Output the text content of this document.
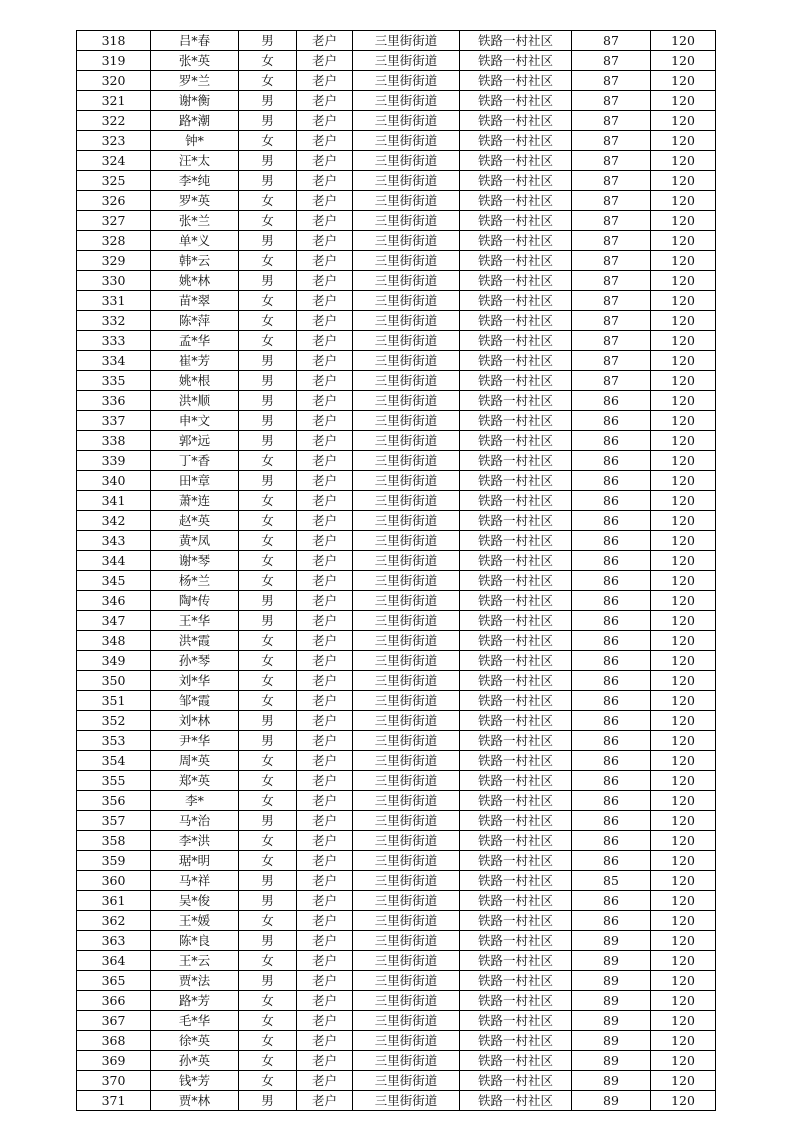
318	吕*春	男	老户	三里街街道	铁路一村社区	87	120
319	张*英	女	老户	三里街街道	铁路一村社区	87	120
320	罗*兰	女	老户	三里街街道	铁路一村社区	87	120
321	谢*衡	男	老户	三里街街道	铁路一村社区	87	120
322	路*潮	男	老户	三里街街道	铁路一村社区	87	120
323	钟*	女	老户	三里街街道	铁路一村社区	87	120
324	汪*太	男	老户	三里街街道	铁路一村社区	87	120
325	李*纯	男	老户	三里街街道	铁路一村社区	87	120
326	罗*英	女	老户	三里街街道	铁路一村社区	87	120
327	张*兰	女	老户	三里街街道	铁路一村社区	87	120
328	单*义	男	老户	三里街街道	铁路一村社区	87	120
329	韩*云	女	老户	三里街街道	铁路一村社区	87	120
330	姚*林	男	老户	三里街街道	铁路一村社区	87	120
331	苗*翠	女	老户	三里街街道	铁路一村社区	87	120
332	陈*萍	女	老户	三里街街道	铁路一村社区	87	120
333	孟*华	女	老户	三里街街道	铁路一村社区	87	120
334	崔*芳	男	老户	三里街街道	铁路一村社区	87	120
335	姚*根	男	老户	三里街街道	铁路一村社区	87	120
336	洪*顺	男	老户	三里街街道	铁路一村社区	86	120
337	申*文	男	老户	三里街街道	铁路一村社区	86	120
338	郭*远	男	老户	三里街街道	铁路一村社区	86	120
339	丁*香	女	老户	三里街街道	铁路一村社区	86	120
340	田*章	男	老户	三里街街道	铁路一村社区	86	120
341	萧*连	女	老户	三里街街道	铁路一村社区	86	120
342	赵*英	女	老户	三里街街道	铁路一村社区	86	120
343	黄*凤	女	老户	三里街街道	铁路一村社区	86	120
344	谢*琴	女	老户	三里街街道	铁路一村社区	86	120
345	杨*兰	女	老户	三里街街道	铁路一村社区	86	120
346	陶*传	男	老户	三里街街道	铁路一村社区	86	120
347	王*华	男	老户	三里街街道	铁路一村社区	86	120
348	洪*霞	女	老户	三里街街道	铁路一村社区	86	120
349	孙*琴	女	老户	三里街街道	铁路一村社区	86	120
350	刘*华	女	老户	三里街街道	铁路一村社区	86	120
351	邹*霞	女	老户	三里街街道	铁路一村社区	86	120
352	刘*林	男	老户	三里街街道	铁路一村社区	86	120
353	尹*华	男	老户	三里街街道	铁路一村社区	86	120
354	周*英	女	老户	三里街街道	铁路一村社区	86	120
355	郑*英	女	老户	三里街街道	铁路一村社区	86	120
356	李*	女	老户	三里街街道	铁路一村社区	86	120
357	马*治	男	老户	三里街街道	铁路一村社区	86	120
358	李*洪	女	老户	三里街街道	铁路一村社区	86	120
359	琚*明	女	老户	三里街街道	铁路一村社区	86	120
360	马*祥	男	老户	三里街街道	铁路一村社区	85	120
361	吴*俊	男	老户	三里街街道	铁路一村社区	86	120
362	王*媛	女	老户	三里街街道	铁路一村社区	86	120
363	陈*良	男	老户	三里街街道	铁路一村社区	89	120
364	王*云	女	老户	三里街街道	铁路一村社区	89	120
365	贾*法	男	老户	三里街街道	铁路一村社区	89	120
366	路*芳	女	老户	三里街街道	铁路一村社区	89	120
367	毛*华	女	老户	三里街街道	铁路一村社区	89	120
368	徐*英	女	老户	三里街街道	铁路一村社区	89	120
369	孙*英	女	老户	三里街街道	铁路一村社区	89	120
370	钱*芳	女	老户	三里街街道	铁路一村社区	89	120
371	贾*林	男	老户	三里街街道	铁路一村社区	89	120
